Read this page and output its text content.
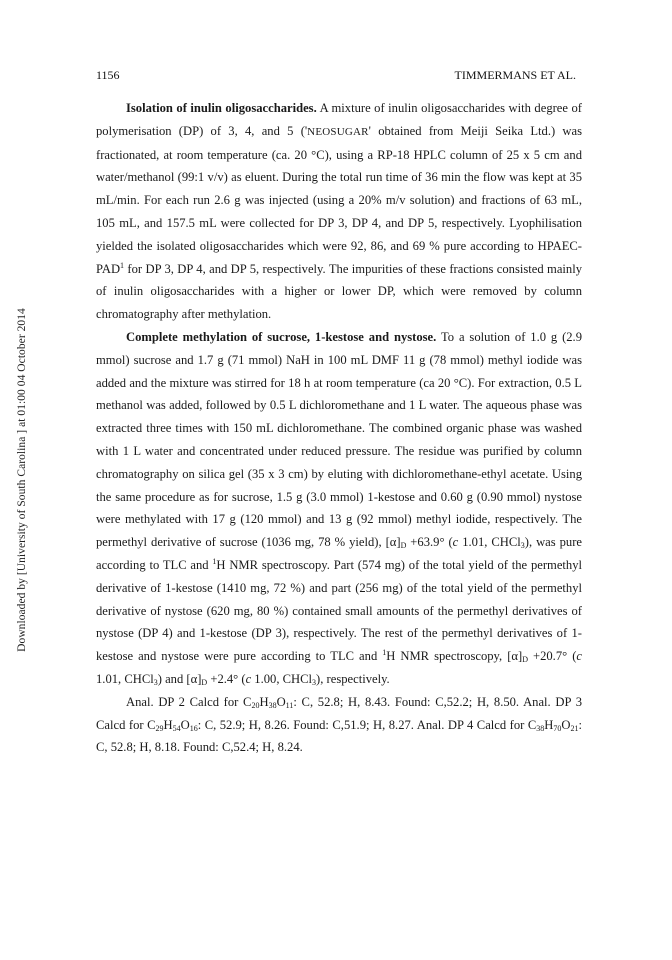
Downloaded by [University of South Carolina ] at 01:00 04 October 2014
1156	TIMMERMANS ET AL.

Isolation of inulin oligosaccharides. A mixture of inulin oligosaccharides with degree of polymerisation (DP) of 3, 4, and 5 ('NEOSUGAR' obtained from Meiji Seika Ltd.) was fractionated, at room temperature (ca. 20 °C), using a RP-18 HPLC column of 25 x 5 cm and water/methanol (99:1 v/v) as eluent. During the total run time of 36 min the flow was kept at 35 mL/min. For each run 2.6 g was injected (using a 20% m/v solution) and fractions of 63 mL, 105 mL, and 157.5 mL were collected for DP 3, DP 4, and DP 5, respectively. Lyophilisation yielded the isolated oligosaccharides which were 92, 86, and 69 % pure according to HPAEC-PAD$^1$ for DP 3, DP 4, and DP 5, respectively. The impurities of these fractions consisted mainly of inulin oligosaccharides with a higher or lower DP, which were removed by column chromatography after methylation.

Complete methylation of sucrose, 1-kestose and nystose. To a solution of 1.0 g (2.9 mmol) sucrose and 1.7 g (71 mmol) NaH in 100 mL DMF 11 g (78 mmol) methyl iodide was added and the mixture was stirred for 18 h at room temperature (ca 20 °C). For extraction, 0.5 L methanol was added, followed by 0.5 L dichloromethane and 1 L water. The aqueous phase was extracted three times with 150 mL dichloromethane. The combined organic phase was washed with 1 L water and concentrated under reduced pressure. The residue was purified by column chromatography on silica gel (35 x 3 cm) by eluting with dichloromethane-ethyl acetate. Using the same procedure as for sucrose, 1.5 g (3.0 mmol) 1-kestose and 0.60 g (0.90 mmol) nystose were methylated with 17 g (120 mmol) and 13 g (92 mmol) methyl iodide, respectively. The permethyl derivative of sucrose (1036 mg, 78 % yield), $[\alpha]_D +63.9^\circ$ (c 1.01, CHCl$_3$), was pure according to TLC and $^1$H NMR spectroscopy. Part (574 mg) of the total yield of the permethyl derivative of 1-kestose (1410 mg, 72 %) and part (256 mg) of the total yield of the permethyl derivative of nystose (620 mg, 80 %) contained small amounts of the permethyl derivatives of nystose (DP 4) and 1-kestose (DP 3), respectively. The rest of the permethyl derivatives of 1-kestose and nystose were pure according to TLC and $^1$H NMR spectroscopy, $[\alpha]_D +20.7^\circ$ (c 1.01, CHCl$_3$) and $[\alpha]_D +2.4^\circ$ (c 1.00, CHCl$_3$), respectively.

Anal. DP 2 Calcd for $C_{20}H_{38}O_{11}$: C, 52.8; H, 8.43. Found: C,52.2; H, 8.50. Anal. DP 3 Calcd for $C_{29}H_{54}O_{16}$: C, 52.9; H, 8.26. Found: C,51.9; H, 8.27. Anal. DP 4 Calcd for $C_{38}H_{70}O_{21}$: C, 52.8; H, 8.18. Found: C,52.4; H, 8.24.
